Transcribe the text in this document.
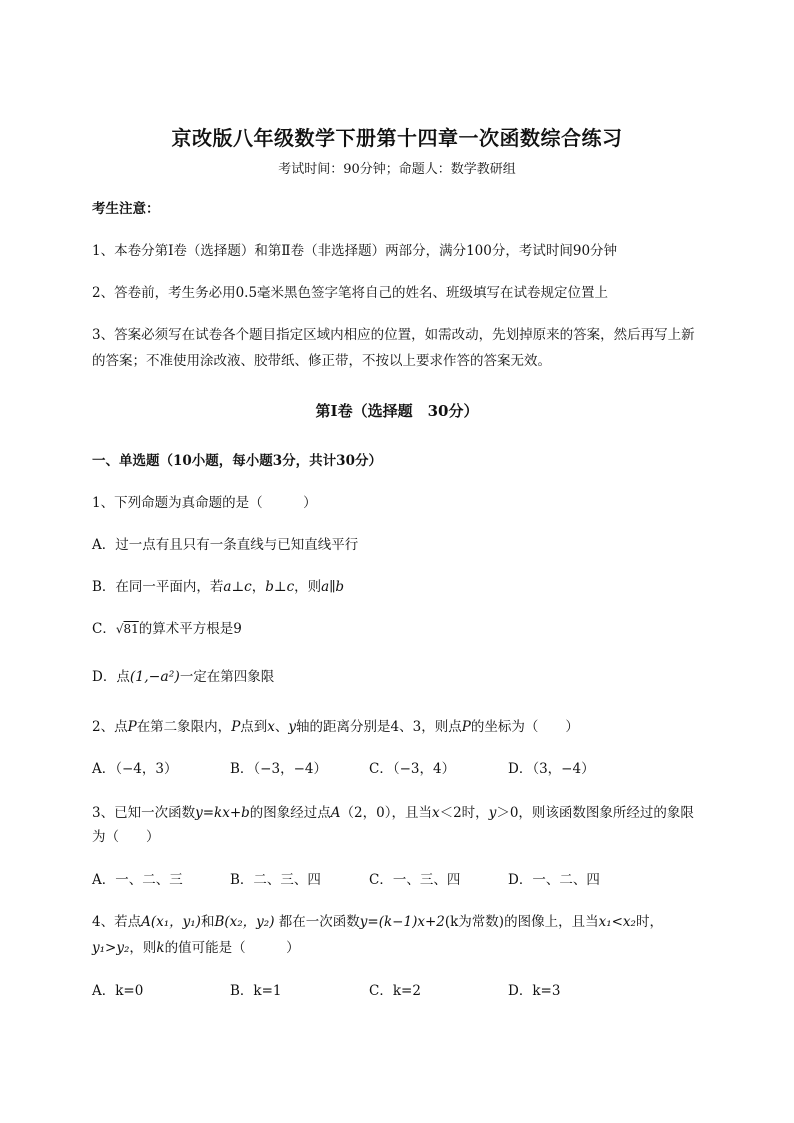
京改版八年级数学下册第十四章一次函数综合练习
考试时间：90分钟；命题人：数学教研组
考生注意：
1、本卷分第Ⅰ卷（选择题）和第Ⅱ卷（非选择题）两部分，满分100分，考试时间90分钟
2、答卷前，考生务必用0.5毫米黑色签字笔将自己的姓名、班级填写在试卷规定位置上
3、答案必须写在试卷各个题目指定区域内相应的位置，如需改动，先划掉原来的答案，然后再写上新
的答案；不准使用涂改液、胶带纸、修正带，不按以上要求作答的答案无效。
第Ⅰ卷（选择题　30分）
一、单选题（10小题，每小题3分，共计30分）
1、下列命题为真命题的是（　　　）
A．过一点有且只有一条直线与已知直线平行
B．在同一平面内，若a⊥c，b⊥c，则a∥b
C．√81的算术平方根是9
D．点(1,−a²)一定在第四象限
2、点P在第二象限内，P点到x、y轴的距离分别是4、3，则点P的坐标为（　　）
A．（−4，3）	B．（−3，−4）	C．（−3，4）	D．（3，−4）
3、已知一次函数y=kx+b的图象经过点A（2，0），且当x＜2时，y＞0，则该函数图象所经过的象限
为（　　）
A．一、二、三	B．二、三、四	C．一、三、四	D．一、二、四
4、若点A(x₁，y₁)和B(x₂，y₂) 都在一次函数y=(k−1)x+2(k为常数)的图像上，且当x₁<x₂时，
y₁>y₂，则k的值可能是（　　　）
A．k=0	B．k=1	C．k=2	D．k=3
